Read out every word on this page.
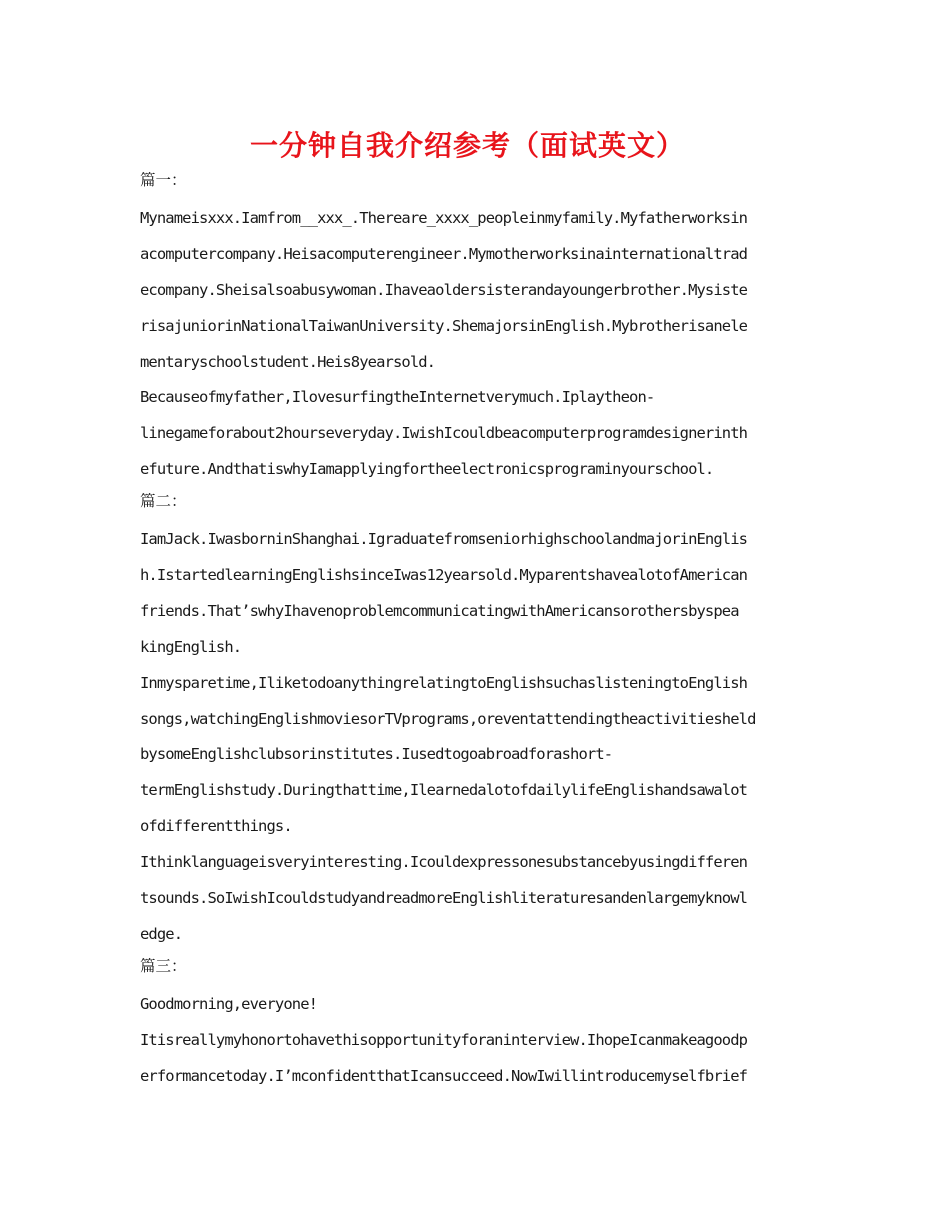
一分钟自我介绍参考（面试英文）
篇一：
Mynameisxxx.Iamfrom__xxx_.Thereare_xxxx_peopleinmyfamily.Myfatherworksin
acomputercompany.Heisacomputerengineer.Mymotherworksinainternationaltrad
ecompany.Sheisalsoabusywoman.Ihaveaoldersisterandayoungerbrother.Mysiste
risajuniorinNationalTaiwanUniversity.ShemajorsinEnglish.Mybrotherisanele
mentaryschoolstudent.Heis8yearsold.
Becauseofmyfather,IlovesurfingtheInternetverymuch.Iplaytheon-
linegameforabout2hourseveryday.IwishIcouldbeacomputerprogramdesignerinth
efuture.AndthatiswhyIamapplyingfortheelectronicsprograminyourschool.
篇二：
IamJack.IwasborninShanghai.IgraduatefromseniorhighschoolandmajorinEnglis
h.IstartedlearningEnglishsinceIwas12yearsold.MyparentshavealotofAmerican
friends.That’swhyIhavenoproblemcommunicatingwithAmericansorothersbyspea
kingEnglish.
Inmysparetime,IliketodoanythingrelatingtoEnglishsuchaslisteningtoEnglish
songs,watchingEnglishmoviesorTVprograms,oreventattendingtheactivitiesheld
bysomeEnglishclubsorinstitutes.Iusedtogoabroadforashort-
termEnglishstudy.Duringthattime,IlearnedalotofdailylifeEnglishandsawalot
ofdifferentthings.
Ithinklanguageisveryinteresting.Icouldexpressonesubstancebyusingdifferen
tsounds.SoIwishIcouldstudyandreadmoreEnglishliteraturesandenlargemyknowl
edge.
篇三：
Goodmorning,everyone!
Itisreallymyhonortohavethisopportunityforaninterview.IhopeIcanmakeagoodp
erformancetoday.I’mconfidentthatIcansucceed.NowIwillintroducemyselfbrief
